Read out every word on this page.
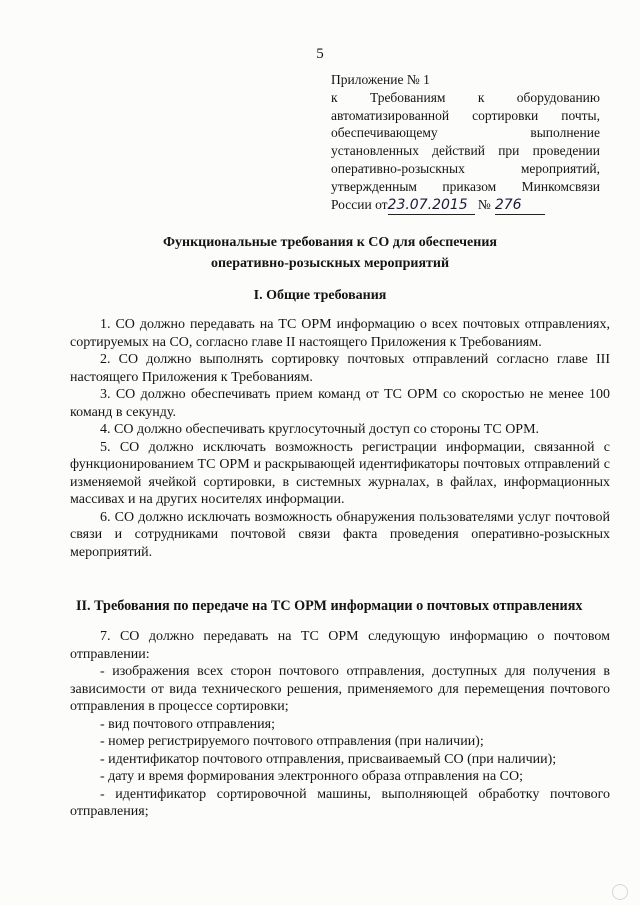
5
Приложение № 1
к Требованиям к оборудованию
автоматизированной сортировки почты,
обеспечивающему выполнение
установленных действий при проведении
оперативно-розыскных мероприятий,
утвержденным приказом Минкомсвязи
России от23.07.2015 № 276
Функциональные требования к СО для обеспечения
оперативно-розыскных мероприятий
I. Общие требования

1. СО должно передавать на ТС ОРМ информацию о всех почтовых отправлениях, сортируемых на СО, согласно главе II настоящего Приложения к Требованиям.

2. СО должно выполнять сортировку почтовых отправлений согласно главе III настоящего Приложения к Требованиям.

3. СО должно обеспечивать прием команд от ТС ОРМ со скоростью не менее 100 команд в секунду.

4. СО должно обеспечивать круглосуточный доступ со стороны ТС ОРМ.

5. СО должно исключать возможность регистрации информации, связанной с функционированием ТС ОРМ и раскрывающей идентификаторы почтовых отправлений с изменяемой ячейкой сортировки, в системных журналах, в файлах, информационных массивах и на других носителях информации.

6. СО должно исключать возможность обнаружения пользователями услуг почтовой связи и сотрудниками почтовой связи факта проведения оперативно-розыскных мероприятий.

II. Требования по передаче на ТС ОРМ информации о почтовых отправлениях

7. СО должно передавать на ТС ОРМ следующую информацию о почтовом отправлении:

- изображения всех сторон почтового отправления, доступных для получения в зависимости от вида технического решения, применяемого для перемещения почтового отправления в процессе сортировки;

- вид почтового отправления;

- номер регистрируемого почтового отправления (при наличии);

- идентификатор почтового отправления, присваиваемый СО (при наличии);

- дату и время формирования электронного образа отправления на СО;

- идентификатор сортировочной машины, выполняющей обработку почтового отправления;
